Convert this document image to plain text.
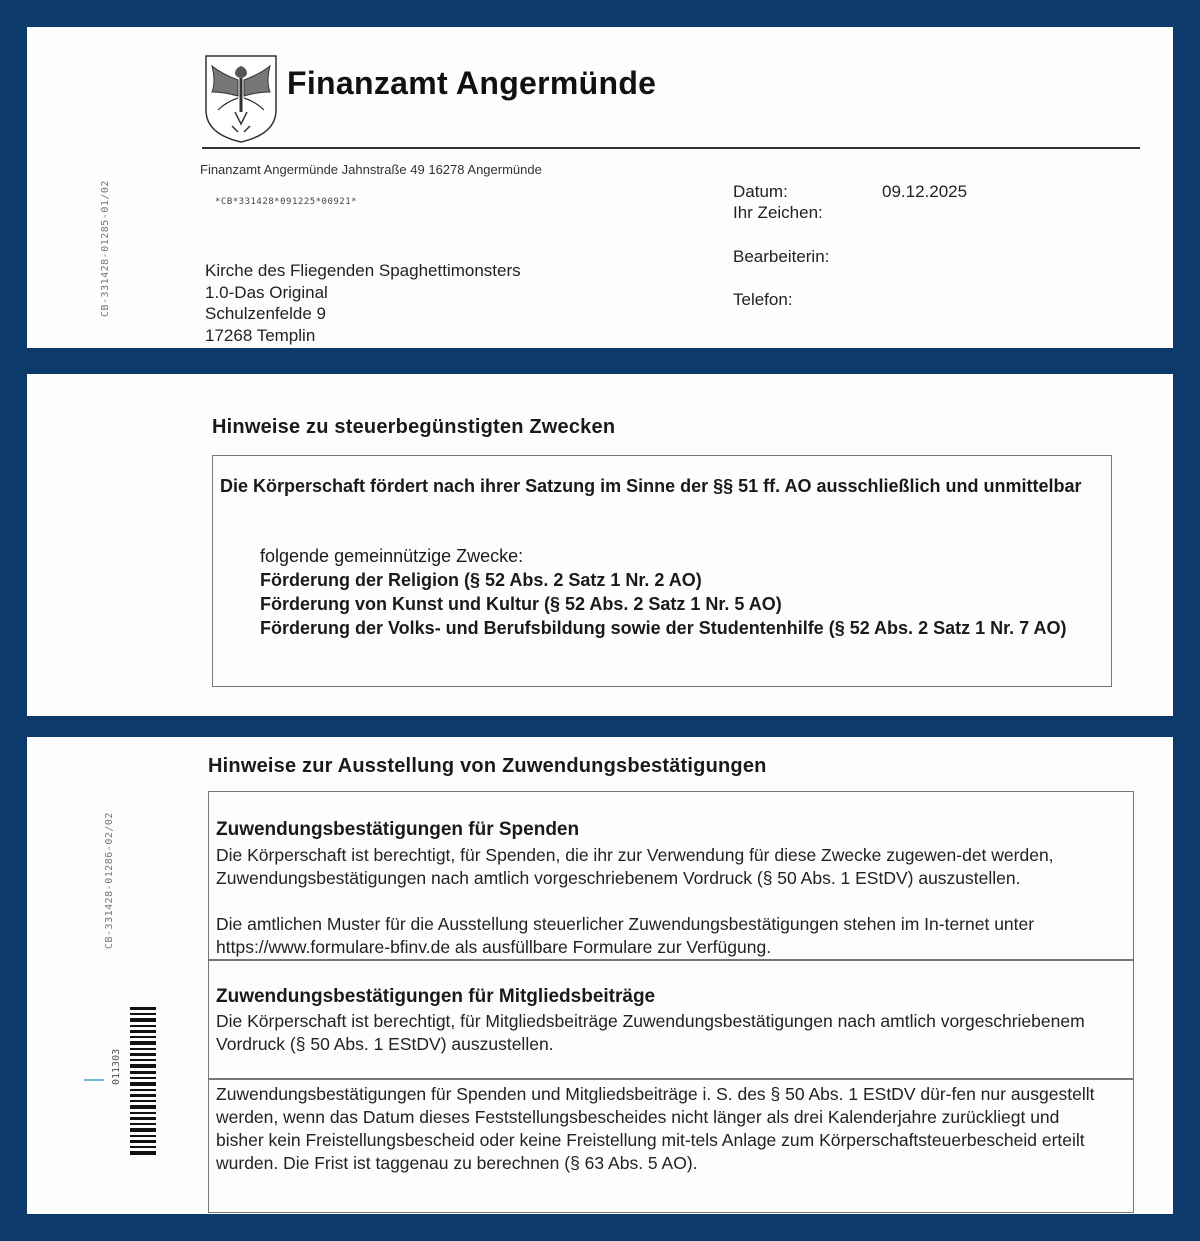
Finanzamt Angermünde
Finanzamt Angermünde Jahnstraße 49 16278 Angermünde
*CB*331428*091225*00921*
CB-331428-01285-01/02	Kirche des Fliegenden Spaghettimonsters
1.0-Das Original
Schulzenfelde 9
17268 Templin
Datum:	09.12.2025
Ihr Zeichen:
Bearbeiterin:
Telefon:
Hinweise zu steuerbegünstigten Zwecken
Die Körperschaft fördert nach ihrer Satzung im Sinne der §§ 51 ff. AO ausschließlich und unmittelbar
folgende gemeinnützige Zwecke:
Förderung der Religion (§ 52 Abs. 2 Satz 1 Nr. 2 AO)
Förderung von Kunst und Kultur (§ 52 Abs. 2 Satz 1 Nr. 5 AO)
Förderung der Volks- und Berufsbildung sowie der Studentenhilfe (§ 52 Abs. 2 Satz 1 Nr. 7 AO)
CB-331428-01286-02/02
Hinweise zur Ausstellung von Zuwendungsbestätigungen
Zuwendungsbestätigungen für Spenden
Die Körperschaft ist berechtigt, für Spenden, die ihr zur Verwendung für diese Zwecke zugewen-det werden, Zuwendungsbestätigungen nach amtlich vorgeschriebenem Vordruck (§ 50 Abs. 1 EStDV) auszustellen.
Die amtlichen Muster für die Ausstellung steuerlicher Zuwendungsbestätigungen stehen im In-ternet unter https://www.formulare-bfinv.de als ausfüllbare Formulare zur Verfügung.
Zuwendungsbestätigungen für Mitgliedsbeiträge
Die Körperschaft ist berechtigt, für Mitgliedsbeiträge Zuwendungsbestätigungen nach amtlich vorgeschriebenem Vordruck (§ 50 Abs. 1 EStDV) auszustellen.
Zuwendungsbestätigungen für Spenden und Mitgliedsbeiträge i. S. des § 50 Abs. 1 EStDV dür-fen nur ausgestellt werden, wenn das Datum dieses Feststellungsbescheides nicht länger als drei Kalenderjahre zurückliegt und bisher kein Freistellungsbescheid oder keine Freistellung mit-tels Anlage zum Körperschaftsteuerbescheid erteilt wurden. Die Frist ist taggenau zu berechnen (§ 63 Abs. 5 AO).
011303
